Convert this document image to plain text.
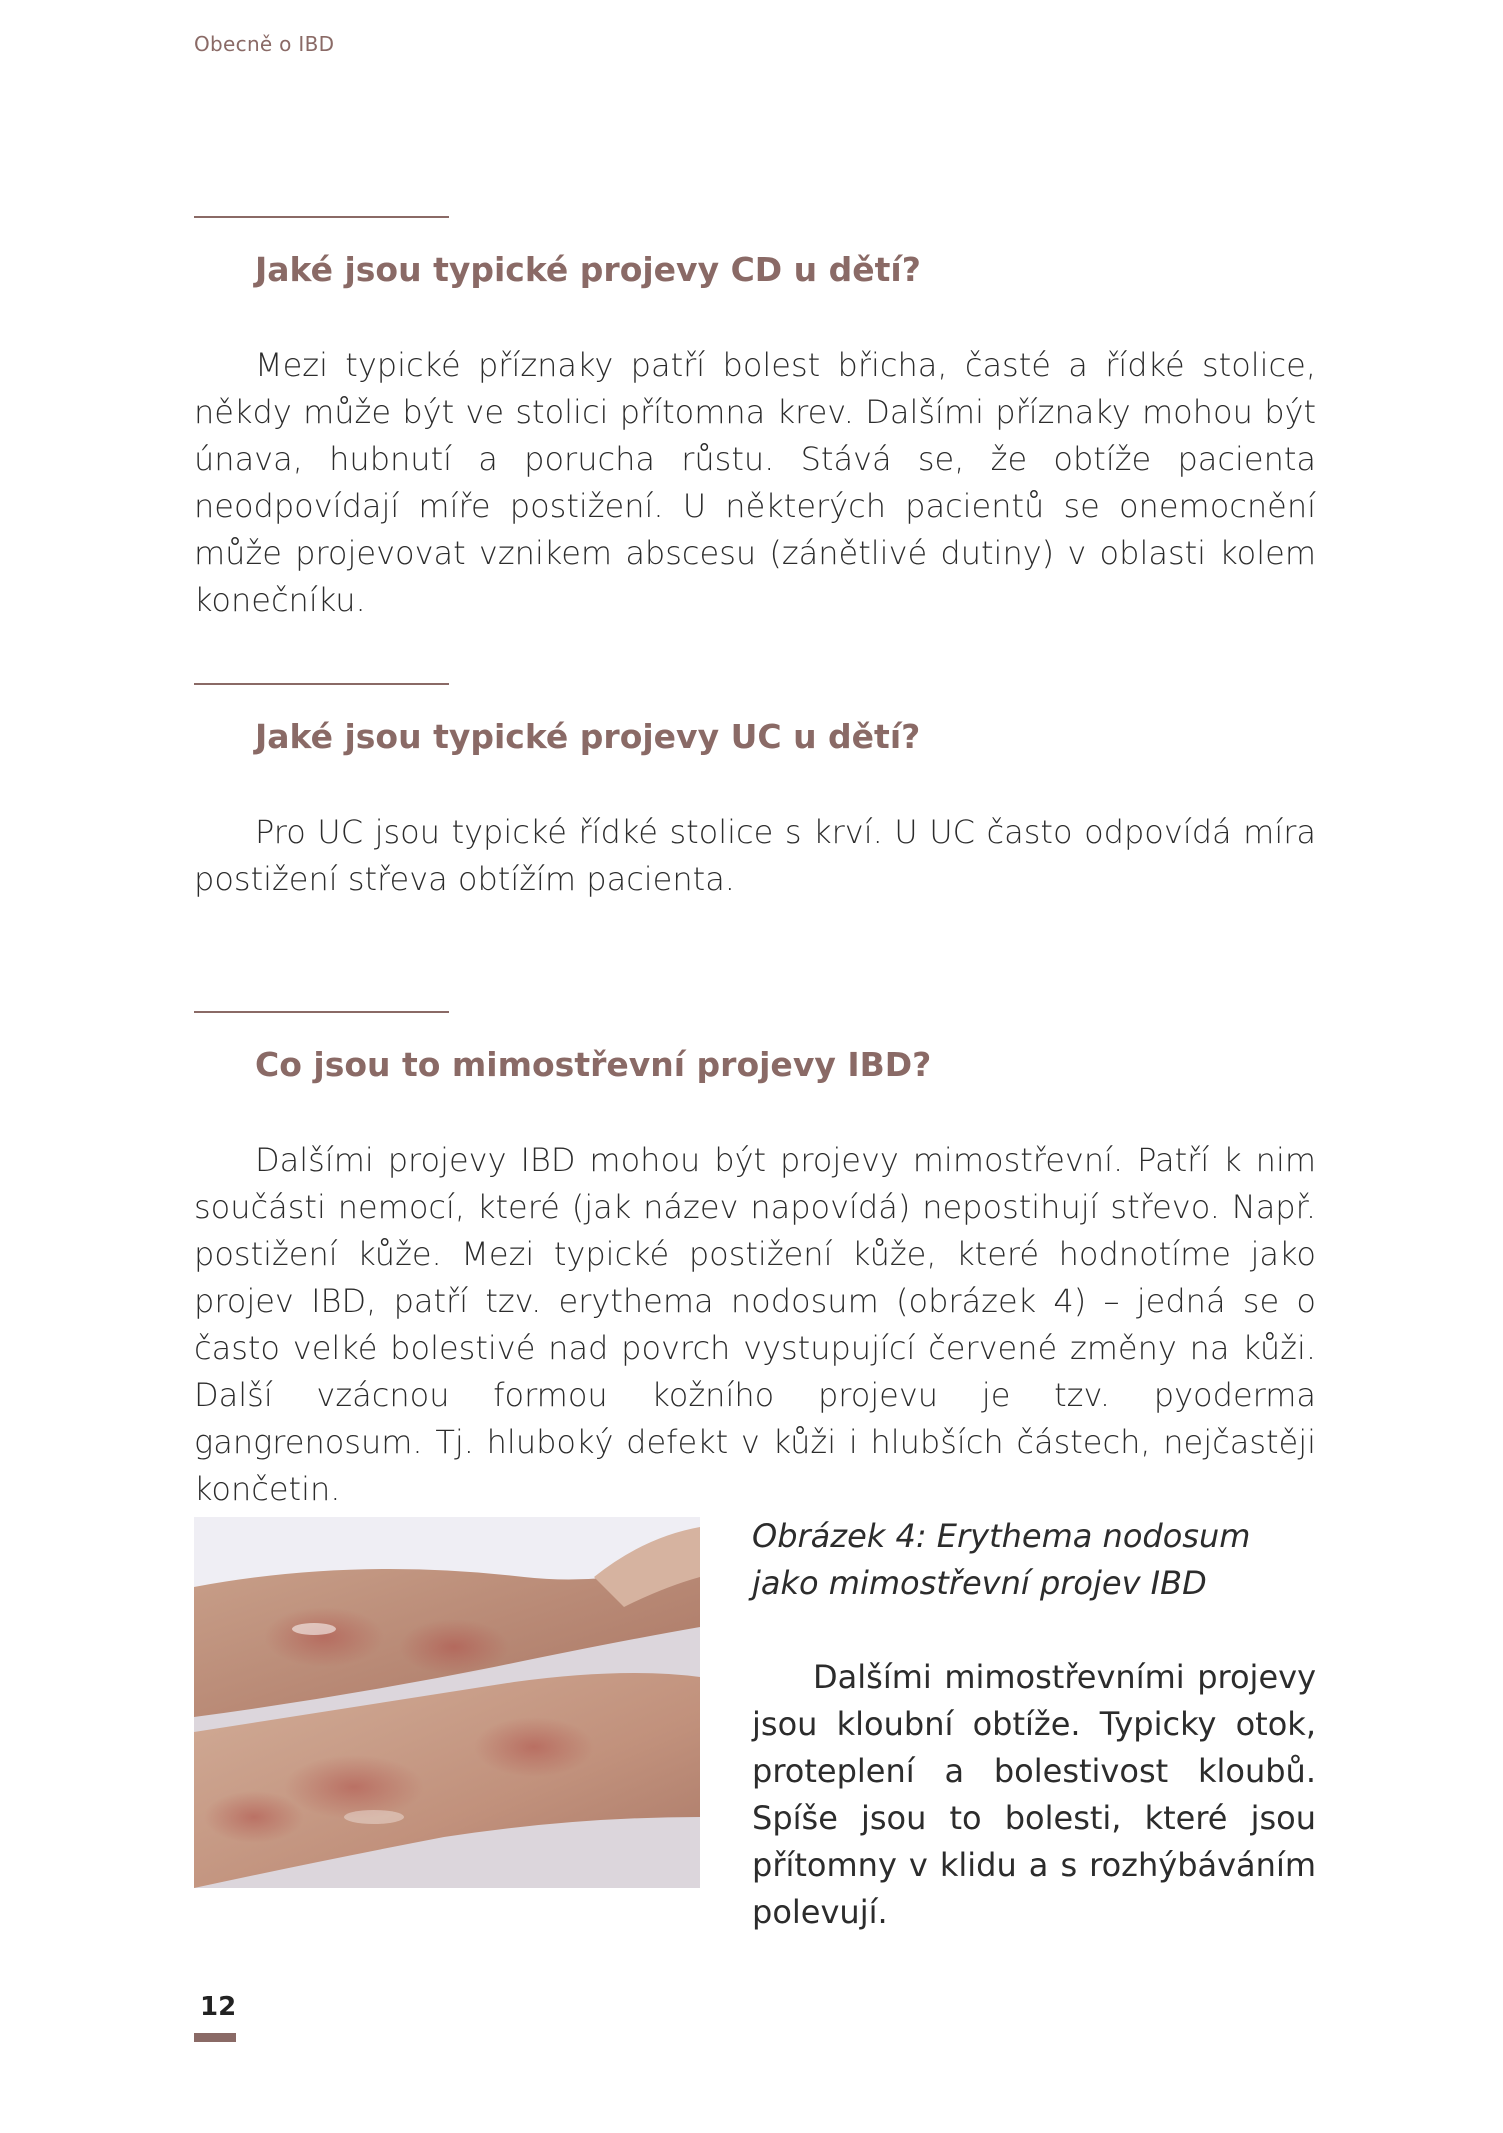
Obecně o IBD
Jaké jsou typické projevy CD u dětí?
Mezi typické příznaky patří bolest břicha, časté a řídké stolice, někdy může být ve stolici přítomna krev. Dalšími příznaky mohou být únava, hubnutí a porucha růstu. Stává se, že obtíže pacienta neodpovídají míře postižení. U některých pacientů se onemocnění může projevovat vznikem abscesu (zánětlivé dutiny) v oblasti kolem konečníku.
Jaké jsou typické projevy UC u dětí?
Pro UC jsou typické řídké stolice s krví. U UC často odpovídá míra postižení střeva obtížím pacienta.
Co jsou to mimostřevní projevy IBD?
Dalšími projevy IBD mohou být projevy mimostřevní. Patří k nim součásti nemocí, které (jak název napovídá) nepostihují střevo. Např. postižení kůže. Mezi typické postižení kůže, které hodnotíme jako projev IBD, patří tzv. erythema nodosum (obrázek 4) – jedná se o často velké bolestivé nad povrch vystupující červené změny na kůži. Další vzácnou formou kožního projevu je tzv. pyoderma gangrenosum. Tj. hluboký defekt v kůži i hlubších částech, nejčastěji končetin.

Obrázek 4: Erythema nodosum jako mimostřevní projev IBD

Dalšími mimostřevními projevy jsou kloubní obtíže. Typicky otok, proteplení a bolestivost kloubů. Spíše jsou to bolesti, které jsou přítomny v klidu a s rozhýbáváním polevují.
12
